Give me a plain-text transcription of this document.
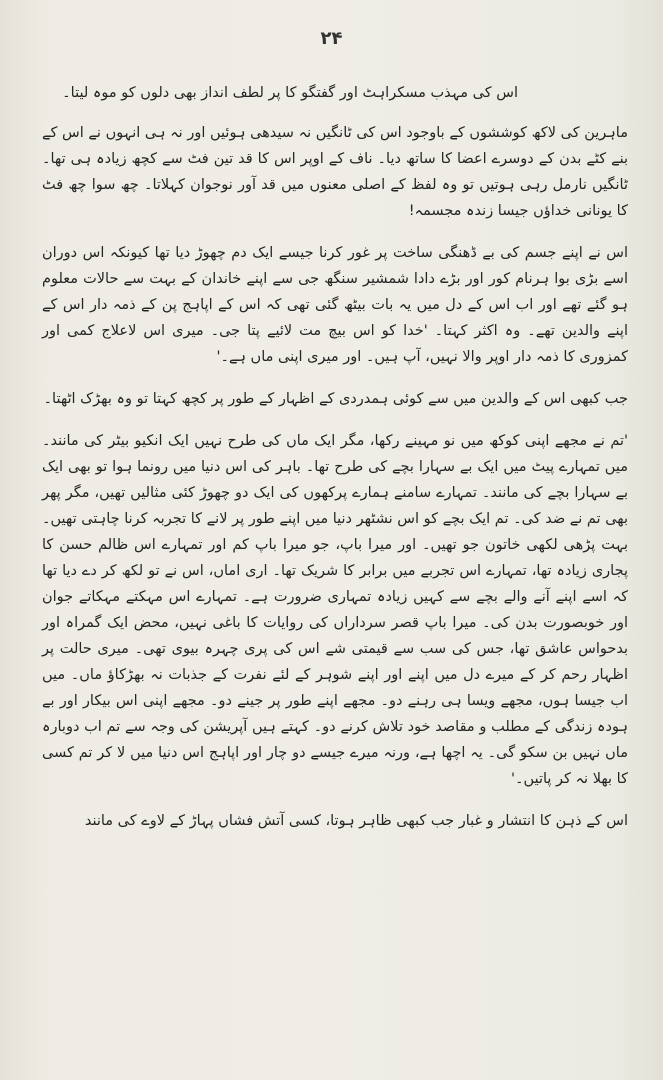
۲۴

اس کی مہذب مسکراہٹ اور گفتگو کا پر لطف انداز بھی دلوں کو موہ لیتا۔

ماہرین کی لاکھ کوششوں کے باوجود اس کی ٹانگیں نہ سیدھی ہوئیں اور نہ ہی انہوں نے اس کے بنے کٹے بدن کے دوسرے اعضا کا ساتھ دیا۔ ناف کے اوپر اس کا قد تین فٹ سے کچھ زیادہ ہی تھا۔ ٹانگیں نارمل رہی ہوتیں تو وہ لفظ کے اصلی معنوں میں قد آور نوجوان کہلاتا۔ چھ سوا چھ فٹ کا یونانی خداؤں جیسا زندہ مجسمہ!

اس نے اپنے جسم کی بے ڈھنگی ساخت پر غور کرنا جیسے ایک دم چھوڑ دیا تھا کیونکہ اس دوران اسے بڑی بوا ہرنام کور اور بڑے دادا شمشیر سنگھ جی سے اپنے خاندان کے بہت سے حالات معلوم ہو گئے تھے اور اب اس کے دل میں یہ بات بیٹھ گئی تھی کہ اس کے اپاہج پن کے ذمہ دار اس کے اپنے والدین تھے۔ وہ اکثر کہتا۔ 'خدا کو اس بیچ مت لائیے پتا جی۔ میری اس لاعلاج کمی اور کمزوری کا ذمہ دار اوپر والا نہیں، آپ ہیں۔ اور میری اپنی ماں ہے۔'

جب کبھی اس کے والدین میں سے کوئی ہمدردی کے اظہار کے طور پر کچھ کہتا تو وہ بھڑک اٹھتا۔

'تم نے مجھے اپنی کوکھ میں نو مہینے رکھا، مگر ایک ماں کی طرح نہیں ایک انکیو بیٹر کی مانند۔ میں تمہارے پیٹ میں ایک بے سہارا بچے کی طرح تھا۔ باہر کی اس دنیا میں رونما ہوا تو بھی ایک بے سہارا بچے کی مانند۔ تمہارے سامنے ہمارے پرکھوں کی ایک دو چھوڑ کئی مثالیں تھیں، مگر پھر بھی تم نے ضد کی۔ تم ایک بچے کو اس نشٹھر دنیا میں اپنے طور پر لانے کا تجربہ کرنا چاہتی تھیں۔ بہت پڑھی لکھی خاتون جو تھیں۔ اور میرا باپ، جو میرا باپ کم اور تمہارے اس ظالم حسن کا پجاری زیادہ تھا، تمہارے اس تجربے میں برابر کا شریک تھا۔ اری اماں، اس نے تو لکھ کر دے دیا تھا کہ اسے اپنے آنے والے بچے سے کہیں زیادہ تمہاری ضرورت ہے۔ تمہارے اس مہکتے مہکاتے جوان اور خوبصورت بدن کی۔ میرا باپ قصر سرداراں کی روایات کا باغی نہیں، محض ایک گمراہ اور بدحواس عاشق تھا، جس کی سب سے قیمتی شے اس کی پری چہرہ بیوی تھی۔ میری حالت پر اظہار رحم کر کے میرے دل میں اپنے اور اپنے شوہر کے لئے نفرت کے جذبات نہ بھڑکاؤ ماں۔ میں اب جیسا ہوں، مجھے ویسا ہی رہنے دو۔ مجھے اپنے طور پر جینے دو۔ مجھے اپنی اس بیکار اور بے ہودہ زندگی کے مطلب و مقاصد خود تلاش کرنے دو۔ کہتے ہیں آپریشن کی وجہ سے تم اب دوبارہ ماں نہیں بن سکو گی۔ یہ اچھا ہے، ورنہ میرے جیسے دو چار اور اپاہج اس دنیا میں لا کر تم کسی کا بھلا نہ کر پاتیں۔'

اس کے ذہن کا انتشار و غبار جب کبھی ظاہر ہوتا، کسی آتش فشاں پہاڑ کے لاوے کی مانند
